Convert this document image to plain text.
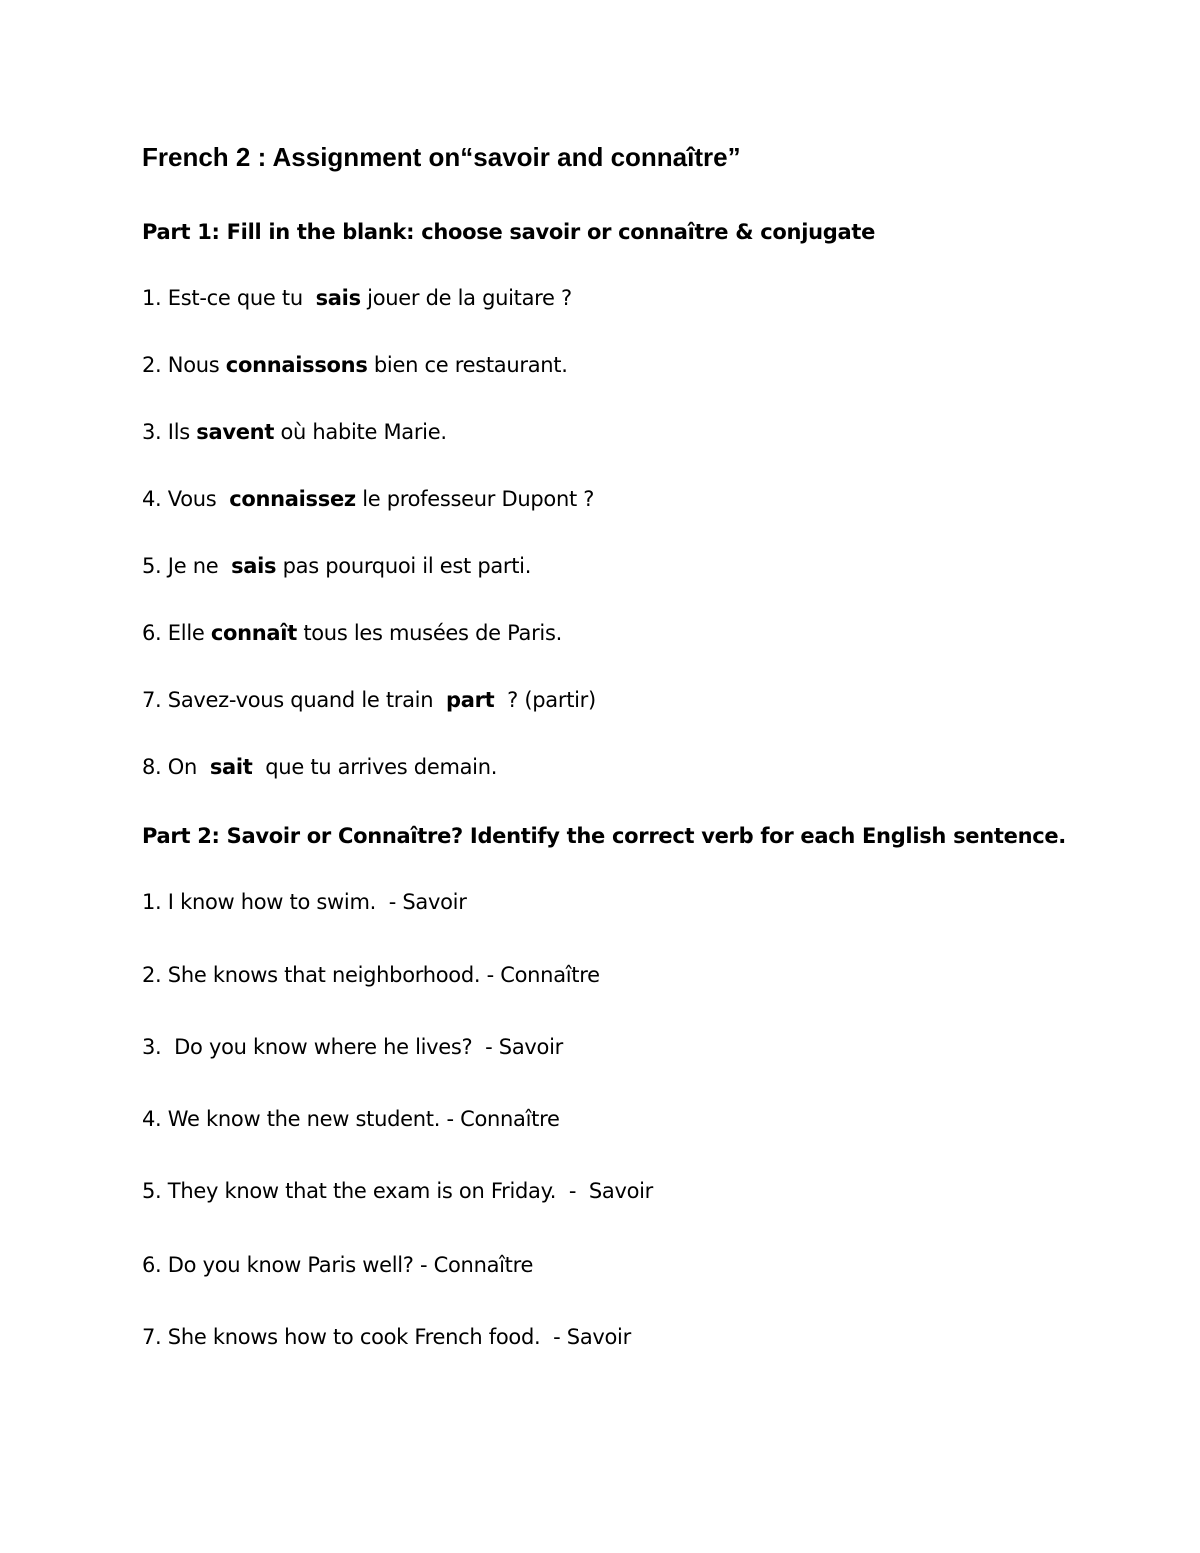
French 2 : Assignment on“savoir and connaître”
Part 1: Fill in the blank: choose savoir or connaître & conjugate
1. Est-ce que tu  sais jouer de la guitare ?
2. Nous connaissons bien ce restaurant.
3. Ils savent où habite Marie.
4. Vous  connaissez le professeur Dupont ?
5. Je ne  sais pas pourquoi il est parti.
6. Elle connaît tous les musées de Paris.
7. Savez-vous quand le train  part  ? (partir)
8. On  sait  que tu arrives demain.
Part 2: Savoir or Connaître? Identify the correct verb for each English sentence.
1. I know how to swim.  - Savoir
2. She knows that neighborhood. - Connaître
3.  Do you know where he lives?  - Savoir
4. We know the new student. - Connaître
5. They know that the exam is on Friday.  -  Savoir
6. Do you know Paris well? - Connaître
7. She knows how to cook French food.  - Savoir
